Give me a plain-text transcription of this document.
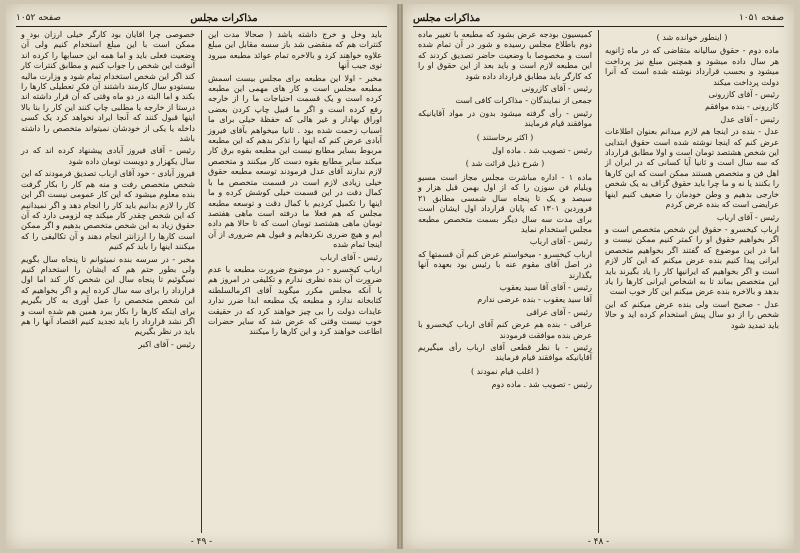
صفحه ۱۰۵۲	مذاکرات مجلس

باید وخل و خرج داشته باشد ( صحالا مدت این کنترات هم که منقضی شد باز سسه مقابل این مبلغ علاوه خواهند کرد و بالاخره تمام عوائد مطبعه میرود توی جیب آنها

مخبر - اولا این مطبعه برای مجلس بیست اسمش مطبعه مجلس است و کار های مهمی این مطبعه کرده است و یک قسمت احتیاجات ما را از خارجه رفع کرده است و اگر ما قبیل چاپ کردن بعضی اوراق بهادار و غیر هالی که حفظهٔ خیلی برای ما اسباب زحمت شده بود . ثانیا میخواهم بآقای فیروز آبادی عرض کنم که اینها را تذکر بدهم که این مطبعه مربوط بسایر مطابع نیست این مطبعه بقوه برق کار میکند سایر مطابع بقوه دست کار میکنند و متخصص لازم ندارند آقای عدل فرمودند توسعه مطبعه حقوق خیلی زیادی لازم است در قسمت متخصص ما با کمال دقت در این قسمت خیلی کوشش کرده و ما اینها را تکمیل کردیم با کمال دقت و توسعه مطبعه مجلس که هم فعلا ما درفته است ماهی هفتصد تومان ماهی هشتصد تومان است که تا حالا هم داده ایم و هیچ ضرری نکردهایم و قبول هم ضروری از آن اینجا تمام شده

رئیس - آقای ارباب

ارباب کیخسرو - در موضوع ضرورت مطبعه با عدم ضرورت آن بنده نظری ندارم و تکلیفی در امروز هم با آنکه مجلس مکرر میگوید آقای اکرمالسلطنه کتابخانه ندارد و مطبعه یک مطبعه ابدا ضرر ندارد عایدات دولت را بی چیز خواهند کرد که در حقیقت خوب نیست وقتی که عرض شد که سایر حضرات اطاعت خواهند کرد و این کارها را میکنند

خصوصی چرا آقایان بود کارگر خیلی ارزان بود و ممکن است با این مبلغ استخدام کنیم ولی آن وضعیت فعلی باید و اما همه این حسابها را کرده اند آنوقت این شخص را جواب کنیم و مطابق کنترات کار کند اگر این شخص استخدام تمام شود و وزارت مالیه بیستودو سال کارمند داشتند آن فکر تعطیلی کارها را بکند و اما البته در دو ماه وقتی که آن قرار داشته اند درستا از خارجه یا مطلبی چاپ کنند این کار را بنا بالا اینها قبول کنند که آنجا ایراد نخواهد کرد یک کسی داخله یا یکی از خودشان نمیتواند متخصص را داشته باشد

رئیس - آقای فیروز آبادی پیشنهاد کرده اند که در سال یکهزار و دویست تومان داده شود

فیروز آبادی - خود آقای ارباب تصدیق فرمودند که این شخص متخصص رفت و منه هم کار را بکار گرفت بنده معلوم میشود که این کار عمومی نیست اگر این کار را لازم بدانیم باید کار را انجام دهد و اگر نمیدانیم که این شخص چقدر کار میکند چه لزومی دارد که آن حقوق زیاد به این شخص متخصص بدهیم و اگر ممکن است کارها را ارزانتر انجام دهند و آن تکالیفی را که میکنند اینها را باید کم کنیم

مخبر - در سرسه بنده نمیتوانم تا پنجاه سال بگویم ولی بطور حتم هم که ایشان را استخدام کنیم نمیگوئیم تا پنجاه سال این شخص کار کند اما اول قرارداد را برای سه سال کرده ایم و اگر بخواهیم که این شخص متخصص را عمل آوری به کار بگیریم برای اینکه کارها را بکار ببرد همین هم شده است و اگر نشد قرارداد را باید تجدید کنیم اقتصاد آنها را هم باید در نظر بگیریم

رئیس - آقای اکبر

- ۴۹ -
مذاکرات مجلس	صفحه ۱۰۵۱

( اینطور خوانده شد )

ماده دوم - حقوق سالیانه متقاضی که در ماه ژانویه هر سال داده میشود و همچنین مبلغ نیز پرداخت میشود و بحسب قرارداد نوشته شده است که آنرا دولت پرداخت میکند

رئیس - آقای کازرونی

کازرونی - بنده موافقم

رئیس - آقای عدل

عدل - بنده در اینجا هم لازم میدانم بعنوان اطلاعات عرض کنم که اینجا نوشته شده است حقوق ابتدایی این شخص هشتصد تومان است و اولا مطابق قرارداد که سه سال است و ثانیا آیا کسانی که در ایران از اهل فن و متخصص هستند ممکن است که این کارها را بکنند یا نه و ما چرا باید حقوق گزاف به یک شخص خارجی بدهیم و وطن خودمان را ضعیف کنیم اینها عرایضی است که بنده عرض کردم

رئیس - آقای ارباب

ارباب کیخسرو - حقوق این شخص متخصص است و اگر بخواهیم حقوق او را کمتر کنیم ممکن نیست و اما در این موضوع که گفتند اگر بخواهیم متخصص ایرانی پیدا کنیم بنده عرض میکنم که این کار لازم است و اگر بخواهیم که ایرانیها کار را یاد بگیرند باید این متخصص بماند تا به اشخاص ایرانی کارها را یاد بدهد و بالاخره بنده عرض میکنم این کار خوب است

عدل - صحیح است ولی بنده عرض میکنم که این شخص را از دو سال پیش استخدام کرده اید و حالا باید تمدید شود

کمیسیون بودجه عرض بشود که مطبعه با تغییر ماده دوم باطلاع مجلس رسیده و شور در آن تمام شده است و مخصوصا با وضعیت حاضر تصدیق کردند که این مطبعه لازم است و باید بعد از این حقوق او را که کارگر باید مطابق قرارداد داده شود

رئیس - آقای کازرونی

جمعی از نمایندگان - مذاکرات کافی است

رئیس - رأی گرفته میشود بدون در مواد آقایانیکه موافقند قیام فرمایند

( اکثر برخاستند )

رئیس - تصویب شد . ماده اول

( شرح ذیل قرائت شد )

ماده ۱ - اداره مباشرت مجلس مجاز است مسیو ویلیام فن سوزن را که از اول بهمن قبل هزار و سیصد و یک تا پنجاه سال شمسی مطابق ۲۱ فروردین ۱۳۰۱ که پایان قرارداد اول ایشان است برای مدت سه سال دیگر بسمت متخصص مطبعه مجلس استخدام نماید

رئیس - آقای ارباب

ارباب کیخسرو - میخواستم عرض کنم آن قسمتها که در اصل آقای مقوم عنه با رئیس بود بعهده آنها بگذارند

رئیس - آقای آقا سید یعقوب

آقا سید یعقوب - بنده عرضی ندارم

رئیس - آقای عراقی

عراقی - بنده هم عرض کنم آقای ارباب کیخسرو با عرض بنده موافقت فرمودند

رئیس - با نظر قطعی آقای ارباب رأی میگیریم آقایانیکه موافقند قیام فرمایند

( اغلب قیام نمودند )

رئیس - تصویب شد . ماده دوم

- ۴۸ -
